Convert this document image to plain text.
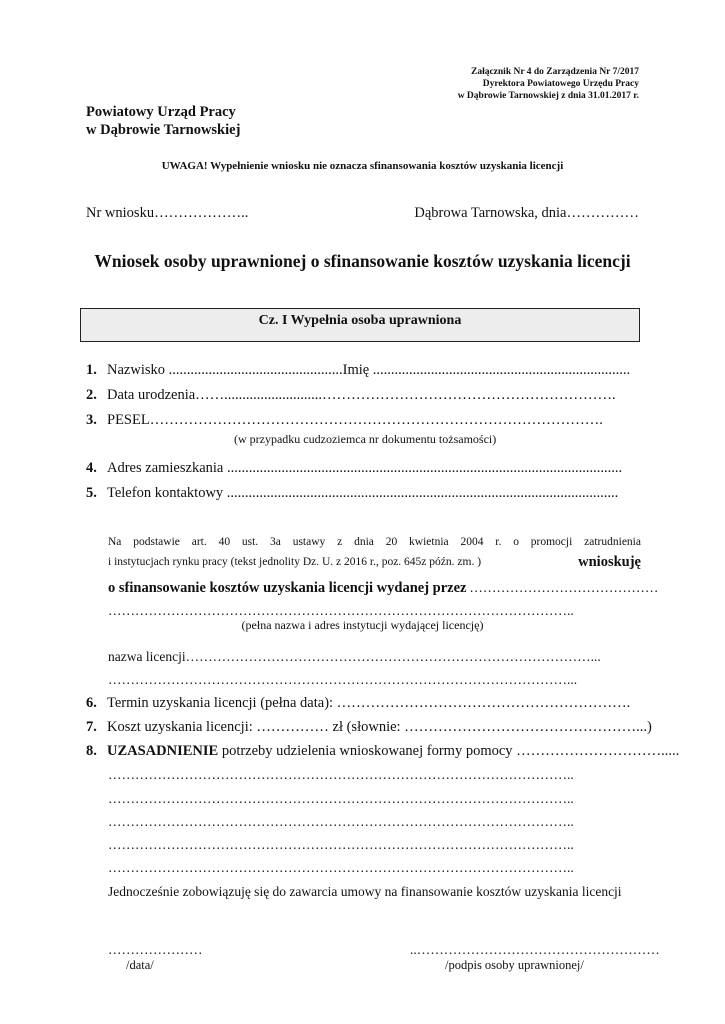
Załącznik Nr 4 do Zarządzenia Nr 7/2017
Dyrektora Powiatowego Urzędu Pracy
w Dąbrowie Tarnowskiej z dnia 31.01.2017 r.
Powiatowy Urząd Pracy
w Dąbrowie Tarnowskiej
UWAGA! Wypełnienie wniosku nie oznacza sfinansowania kosztów uzyskania licencji
Nr wniosku………………..	Dąbrowa Tarnowska, dnia……………
Wniosek osoby uprawnionej o sfinansowanie kosztów uzyskania licencji
Cz. I Wypełnia osoba uprawniona
1. Nazwisko ................................................Imię .......................................................................
2. Data urodzenia……...........................…………………………………………………….
3. PESEL………………………………………………………………………………….
(w przypadku cudzoziemca nr dokumentu tożsamości)
4. Adres zamieszkania .............................................................................................................
5. Telefon kontaktowy ............................................................................................................
Na podstawie art. 40 ust. 3a ustawy z dnia 20 kwietnia 2004 r. o promocji zatrudnienia
i instytucjach rynku pracy (tekst jednolity Dz. U. z 2016 r., poz. 645z późn. zm. )	wnioskuję
o sfinansowanie kosztów uzyskania licencji wydanej przez ……………………………………
…………………………………………………………………………………………..
(pełna nazwa i adres instytucji wydającej licencję)
nazwa licencji………………………………………………………………………………...
…………………………………………………………………………………………...
6. Termin uzyskania licencji (pełna data): …………………………………………………….
7. Koszt uzyskania licencji: …………… zł (słownie: …………………………………………...)
8. UZASADNIENIE potrzeby udzielenia wnioskowanej formy pomocy ………………………….....
…………………………………………………………………………………………..
…………………………………………………………………………………………..
…………………………………………………………………………………………..
…………………………………………………………………………………………..
…………………………………………………………………………………………..
Jednocześnie zobowiązuję się do zawarcia umowy na finansowanie kosztów uzyskania licencji
…………………
/data/
..………………………………………………
/podpis osoby uprawnionej/
